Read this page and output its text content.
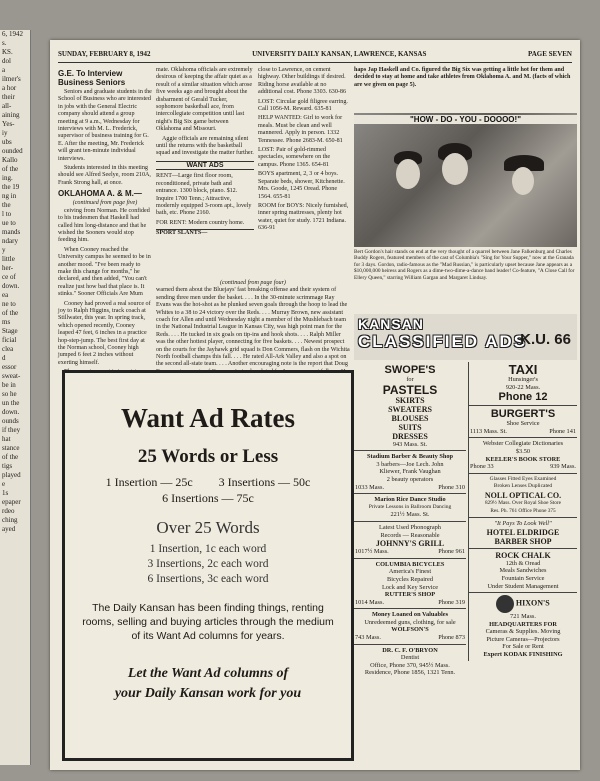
6, 1942
s.
KS.
dol
a
ilmer's
a hor
their
all-
aining
Yes-
iy
ubs
ounded
Kallo
of the
ing.
the 19
ng in
the
l to
ue to
mands
ndary
y
little
her-
ce of
down.
ea
ne to
of the
ms
Stage
ficial
clea
d
essor
sweat-
be in
so he
un the
down.
ounds
if they
hat
stance
of the
tigs
played
e
1s
epaper
rdeo
ching
ayed
SUNDAY, FEBRUARY 8, 1942	UNIVERSITY DAILY KANSAN, LAWRENCE, KANSAS	PAGE SEVEN
G.E. To Interview Business Seniors

Seniors and graduate students in the School of Business who are interested in jobs with the General Electric company should attend a group meeting at 9 a.m., Wednesday for interviews with M. L. Frederick, supervisor of business training for G. E. After the meeting, Mr. Frederick will grant ten-minute individual interviews.

Students interested in this meeting should see Alfred Seelye, room 210A, Frank Strong hall, at once.

OKLAHOMA A. & M.—
(continued from page five)

ceiving from Norman. He confided to his tradesmen that Haskell had called him long-distance and that he wished the Sooners would stop feeding him.

When Cooney reached the University campus he seemed to be in another mood. "I've been ready to make this change for months," he declared, and then added, "You can't realize just how bad that place is. It stinks." Sooner Officials Are Mum

Cooney had proved a real source of joy to Ralph Higgins, track coach at Stillwater, this year. In spring track, which opened recently, Cooney leaped 47 feet, 6 inches in a practice hop-step-jump. The best first day at the Norman school, Cooney high jumped 6 feet 2 inches without exerting himself.

mate. Oklahoma officials are extremely desirous of keeping the affair quiet as a result of a similar situation which arose five weeks ago and brought about the disbarment of Gerald Tucker, sophomore basketball ace, from intercollegiate competition until last night's Big Six game between Oklahoma and Missouri.

Aggie officials are remaining silent until the returns with the basketball squad and investigate the matter further.

WANT ADS

RENT—Large first floor room, reconditioned, private bath and entrance. 1300 block, piano. $12. Inquire 1700 Tenn.; Attractive, modernly equipped 3-room apt., lovely bath, etc. Phone 2160.

FOR RENT: Modern country home.

SPORT SLANTS—

close to Lawrence, on cement highway. Other buildings if desired. Riding horse available at no additional cost. Phone 3303. 630-86

LOST: Circular gold filigree earring. Call 1056-M. Reward. 635-81

HELP WANTED: Girl to work for meals. Must be clean and well mannered. Apply in person. 1332 Tennessee. Phone 2683-M. 650-81

LOST: Pair of gold-rimmed spectacles, somewhere on the campus. Phone 1365. 654-81

BOYS apartment, 2, 3 or 4 boys. Separate beds, shower, Kitchenette. Mrs. Goode, 1245 Oread. Phone 1564. 655-81

ROOM for BOYS: Nicely furnished, inner spring mattresses, plenty hot water, quiet for study. 1721 Indiana. 636-91

haps Jap Haskell and Co. figured the Big Six was getting a little hot for them and decided to stay at home and take athletes from Oklahoma A. and M. (facts of which are we given on page 5).

(continued from page four)

warned them about the Bluejays' fast breaking offense and their system of sending three men under the basket. . . . In the 30-minute scrimmage Ray Evans was the hot-shot as he plunked seven goals through the hoop to lead the Whites to a 38 to 24 victory over the Reds. . . . Murray Brown, new assistant coach for Allen and until Wednesday night a member of the Mushlebach team in the National Industrial League in Kansas City, was high point man for the Reds. . . . He tucked in six goals on tip-ins and hook shots. . . . Ralph Miller was the other hottest player, connecting for five baskets. . . . Newest prospect on the courts for the Jayhawk grid squad is Don Commers, flash on the Wichita North football champs this fall. . . . He rated All-Ark Valley and also a spot on the second all-state team. . . . Another encouraging note is the report that Doug

"HOW - DO - YOU - DOOOO!"
Bert Gordon's hair stands on end at the very thought of a quarrel between Jane Falkenburg and Charles Buddy Rogers, featured members of the cast of Columbia's "Sing for Your Supper," now at the Granada for 3 days. Gordon, radio-famous as the "Mad Russian," is particularly upset because Jane appears as a $10,000,000 heiress and Rogers as a dime-two-dime-a-dance band leader! Co-feature, "A Close Call for Ellery Queen," starring William Gargan and Margaret Lindsay.
KANSAN
CLASSIFIED ADS
K.U. 66
SWOPE'S
for
PASTELS
SKIRTS
SWEATERS
BLOUSES
SUITS
DRESSES
943 Mass. St.
Stadium Barber & Beauty Shop
3 barbers—Joe Lech. John
Kliewer, Frank Vaughan
2 beauty operators
1033 Mass.	Phone 310
Marion Rice Dance Studio
Private Lessons in Ballroom Dancing
221½ Mass. St.
Latest Used Phonograph
Records — Reasonable
JOHNNY'S GRILL
1017½ Mass.	Phone 961
COLUMBIA BICYCLES
America's Finest
Bicycles Repaired
Lock and Key Service
RUTTER'S SHOP
1014 Mass.	Phone 319
Money Loaned on Valuables
Unredeemed guns, clothing, for sale
WOLFSON'S
743 Mass.	Phone 873
DR. C. F. O'BRYON
Dentist
Office, Phone 370, 945½ Mass.
Residence, Phone 1856, 1321 Tenn.
TAXI
Hunsinger's
920-22 Mass.
Phone 12
BURGERT'S
Shoe Service
1113 Mass. St.	Phone 141
Webster Collegiate Dictionaries
$3.50
KEELER'S BOOK STORE
Phone 33	939 Mass.
Glasses Fitted Eyes Examined
Broken Lenses Duplicated
NOLL OPTICAL CO.
829½ Mass. Over Royal Shoe Store
Res. Ph. 761 Office Phone 375
"It Pays To Look Well"
HOTEL ELDRIDGE
BARBER SHOP
ROCK CHALK
12th & Oread
Meals Sandwiches
Fountain Service
Under Student Management
HIXON'S
721 Mass.
HEADQUARTERS FOR
Cameras & Supplies. Moving
Picture Cameras—Projectors
For Sale or Rent
Expert KODAK FINISHING
Want Ad Rates
25 Words or Less
1 Insertion — 25c 3 Insertions — 50c
6 Insertions — 75c
Over 25 Words
1 Insertion, 1c each word
3 Insertions, 2c each word
6 Insertions, 3c each word
The Daily Kansan has been finding things, renting rooms, selling and buying articles through the medium of its Want Ad columns for years.
Let the Want Ad columns of
your Daily Kansan work for you
